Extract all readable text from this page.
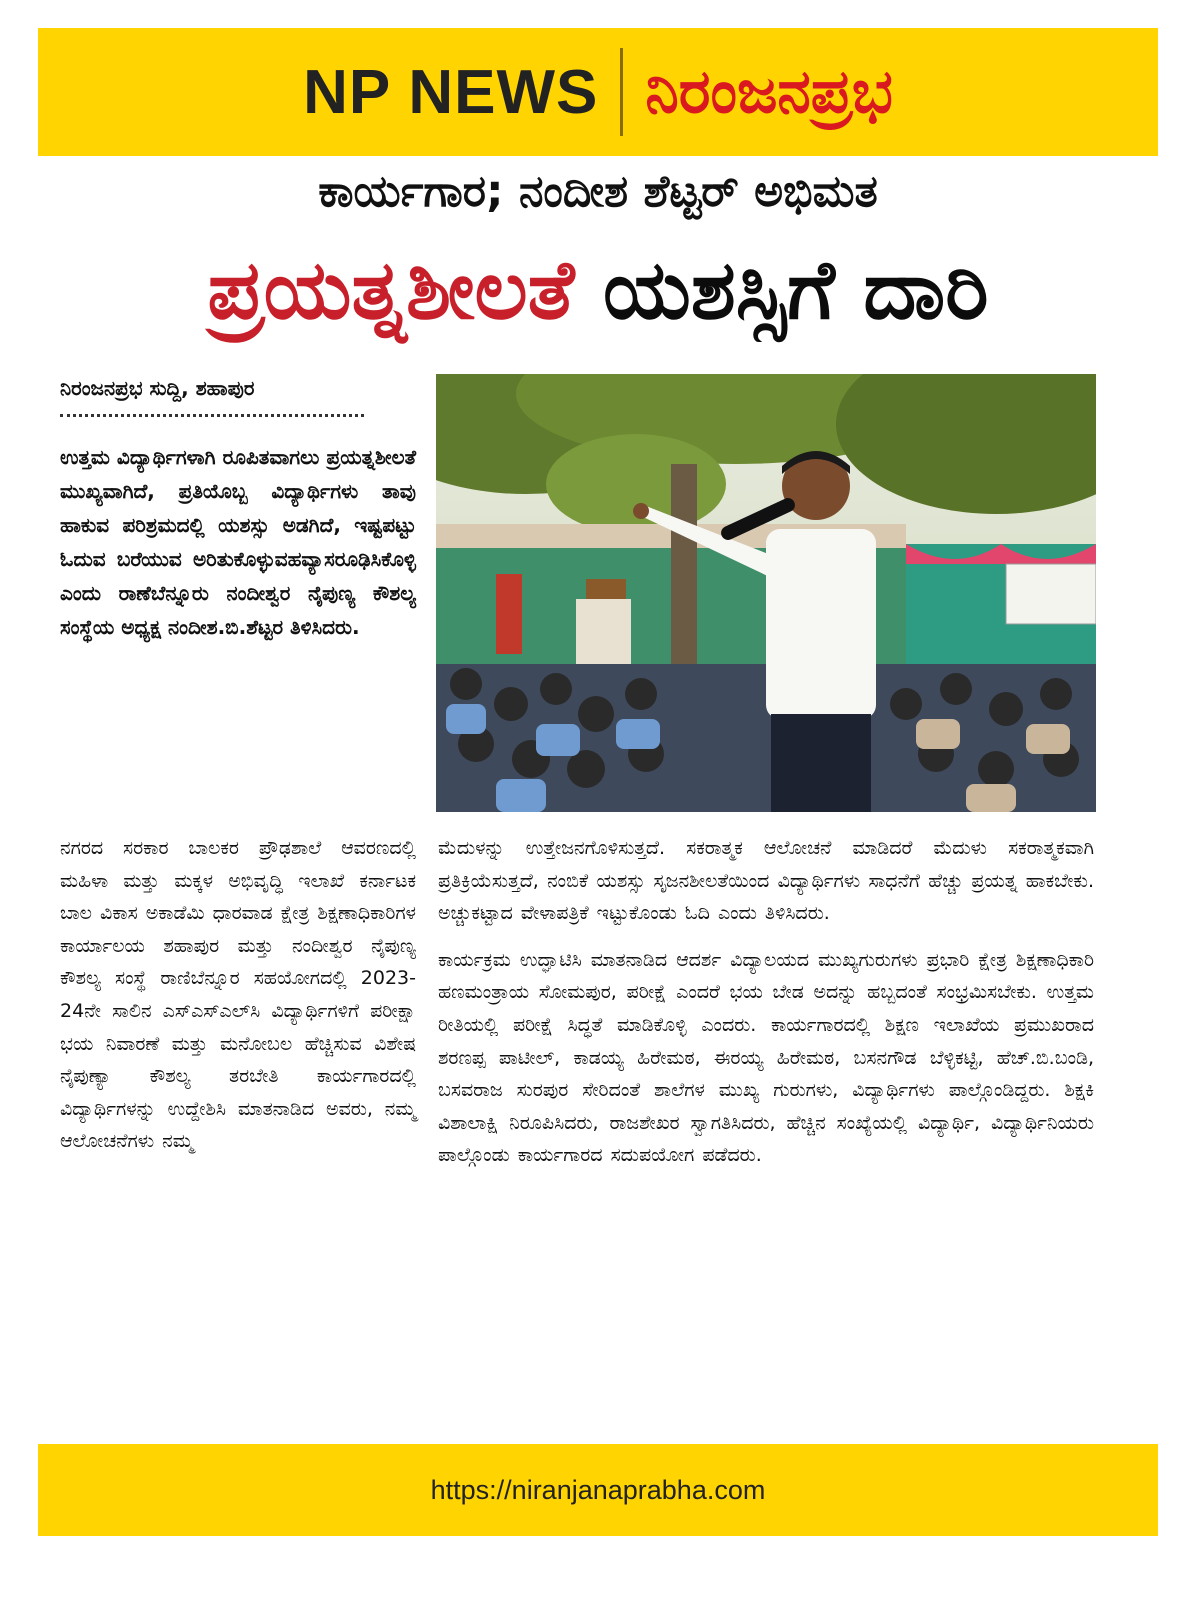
NP NEWS ನಿರಂಜನಪ್ರಭ
ಕಾರ್ಯಗಾರ; ನಂದೀಶ ಶೆಟ್ಟರ್ ಅಭಿಮತ
ಪ್ರಯತ್ನಶೀಲತೆ ಯಶಸ್ಸಿಗೆ ದಾರಿ
ನಿರಂಜನಪ್ರಭ ಸುದ್ದಿ, ಶಹಾಪುರ
ಉತ್ತಮ ವಿದ್ಯಾರ್ಥಿಗಳಾಗಿ ರೂಪಿತವಾಗಲು ಪ್ರಯತ್ನಶೀಲತೆ ಮುಖ್ಯವಾಗಿದೆ, ಪ್ರತಿಯೊಬ್ಬ ವಿದ್ಯಾರ್ಥಿಗಳು ತಾವು ಹಾಕುವ ಪರಿಶ್ರಮದಲ್ಲಿ ಯಶಸ್ಸು ಅಡಗಿದೆ, ಇಷ್ಟಪಟ್ಟು ಓದುವ ಬರೆಯುವ ಅರಿತುಕೊಳ್ಳುವಹವ್ಯಾಸರೂಢಿಸಿಕೊಳ್ಳಿ ಎಂದು ರಾಣೆಬೆನ್ನೂರು ನಂದೀಶ್ವರ ನೈಪುಣ್ಯ ಕೌಶಲ್ಯ ಸಂಸ್ಥೆಯ ಅಧ್ಯಕ್ಷ ನಂದೀಶ.ಬಿ.ಶೆಟ್ಟರ ತಿಳಿಸಿದರು.
ನಗರದ ಸರಕಾರ ಬಾಲಕರ ಪ್ರೌಢಶಾಲೆ ಆವರಣದಲ್ಲಿ ಮಹಿಳಾ ಮತ್ತು ಮಕ್ಕಳ ಅಭಿವೃದ್ಧಿ ಇಲಾಖೆ ಕರ್ನಾಟಕ ಬಾಲ ವಿಕಾಸ ಅಕಾಡೆಮಿ ಧಾರವಾಡ ಕ್ಷೇತ್ರ ಶಿಕ್ಷಣಾಧಿಕಾರಿಗಳ ಕಾರ್ಯಾಲಯ ಶಹಾಪುರ ಮತ್ತು ನಂದೀಶ್ವರ ನೈಪುಣ್ಯ ಕೌಶಲ್ಯ ಸಂಸ್ಥೆ ರಾಣಿಬೆನ್ನೂರ ಸಹಯೋಗದಲ್ಲಿ 2023-24ನೇ ಸಾಲಿನ ಎಸ್‌ಎಸ್‌ಎಲ್‌ಸಿ ವಿದ್ಯಾರ್ಥಿಗಳಿಗೆ ಪರೀಕ್ಷಾ ಭಯ ನಿವಾರಣೆ ಮತ್ತು ಮನೋಬಲ ಹೆಚ್ಚಿಸುವ ವಿಶೇಷ ನೈಪುಣ್ಯಾ ಕೌಶಲ್ಯ ತರಬೇತಿ ಕಾರ್ಯಗಾರದಲ್ಲಿ ವಿದ್ಯಾರ್ಥಿಗಳನ್ನು ಉದ್ದೇಶಿಸಿ ಮಾತನಾಡಿದ ಅವರು, ನಮ್ಮ ಆಲೋಚನೆಗಳು ನಮ್ಮ

ಮೆದುಳನ್ನು ಉತ್ತೇಜನಗೊಳಿಸುತ್ತದೆ. ಸಕರಾತ್ಮಕ ಆಲೋಚನೆ ಮಾಡಿದರೆ ಮೆದುಳು ಸಕರಾತ್ಮಕವಾಗಿ ಪ್ರತಿಕ್ರಿಯೆಸುತ್ತದೆ, ನಂಬಿಕೆ ಯಶಸ್ಸು ಸೃಜನಶೀಲತೆಯಿಂದ ವಿದ್ಯಾರ್ಥಿಗಳು ಸಾಧನೆಗೆ ಹೆಚ್ಚು ಪ್ರಯತ್ನ ಹಾಕಬೇಕು. ಅಚ್ಚುಕಟ್ಟಾದ ವೇಳಾಪತ್ರಿಕೆ ಇಟ್ಟುಕೊಂಡು ಓದಿ ಎಂದು ತಿಳಿಸಿದರು.

ಕಾರ್ಯಕ್ರಮ ಉದ್ಘಾಟಿಸಿ ಮಾತನಾಡಿದ ಆದರ್ಶ ವಿದ್ಯಾಲಯದ ಮುಖ್ಯಗುರುಗಳು ಪ್ರಭಾರಿ ಕ್ಷೇತ್ರ ಶಿಕ್ಷಣಾಧಿಕಾರಿ ಹಣಮಂತ್ರಾಯ ಸೋಮಪುರ, ಪರೀಕ್ಷೆ ಎಂದರೆ ಭಯ ಬೇಡ ಅದನ್ನು ಹಬ್ಬದಂತೆ ಸಂಭ್ರಮಿಸಬೇಕು. ಉತ್ತಮ ರೀತಿಯಲ್ಲಿ ಪರೀಕ್ಷೆ ಸಿದ್ಧತೆ ಮಾಡಿಕೊಳ್ಳಿ ಎಂದರು. ಕಾರ್ಯಗಾರದಲ್ಲಿ ಶಿಕ್ಷಣ ಇಲಾಖೆಯ ಪ್ರಮುಖರಾದ ಶರಣಪ್ಪ ಪಾಟೀಲ್, ಕಾಡಯ್ಯ ಹಿರೇಮಠ, ಈರಯ್ಯ ಹಿರೇಮಠ, ಬಸನಗೌಡ ಬೆಳ್ಳಿಕಟ್ಟಿ, ಹೆಚ್.ಬಿ.ಬಂಡಿ, ಬಸವರಾಜ ಸುರಪುರ ಸೇರಿದಂತೆ ಶಾಲೆಗಳ ಮುಖ್ಯ ಗುರುಗಳು, ವಿದ್ಯಾರ್ಥಿಗಳು ಪಾಲ್ಗೊಂಡಿದ್ದರು. ಶಿಕ್ಷಕಿ ವಿಶಾಲಾಕ್ಷಿ ನಿರೂಪಿಸಿದರು, ರಾಜಶೇಖರ ಸ್ವಾಗತಿಸಿದರು, ಹೆಚ್ಚಿನ ಸಂಖ್ಯೆಯಲ್ಲಿ ವಿದ್ಯಾರ್ಥಿ, ವಿದ್ಯಾರ್ಥಿನಿಯರು ಪಾಲ್ಗೊಂಡು ಕಾರ್ಯಗಾರದ ಸದುಪಯೋಗ ಪಡೆದರು.

https://niranjanaprabha.com
